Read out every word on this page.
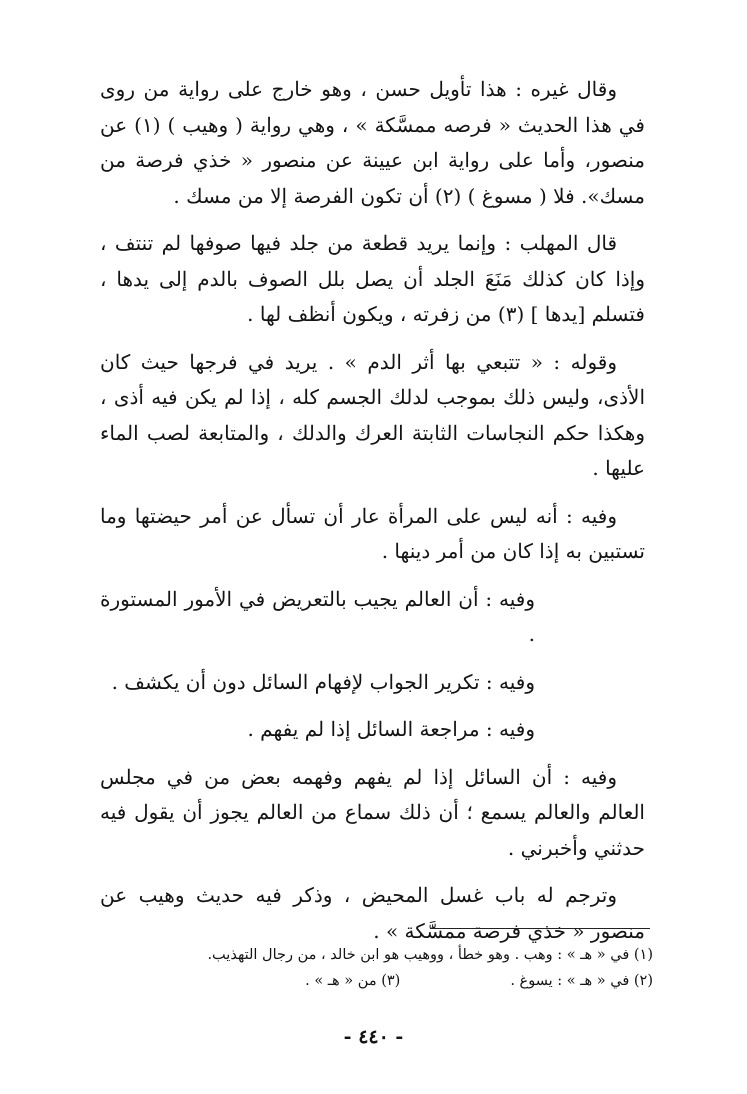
وقال غيره : هذا تأويل حسن ، وهو خارج على رواية من روى في هذا الحديث « فرصه ممسَّكة » ، وهي رواية ( وهيب ) (١) عن منصور، وأما على رواية ابن عيينة عن منصور « خذي فرصة من مسك». فلا ( مسوغ ) (٢) أن تكون الفرصة إلا من مسك .

قال المهلب : وإنما يريد قطعة من جلد فيها صوفها لم تنتف ، وإذا كان كذلك مَنَعَ الجلد أن يصل بلل الصوف بالدم إلى يدها ، فتسلم [يدها ] (٣) من زفرته ، ويكون أنظف لها .

وقوله : « تتبعي بها أثر الدم » . يريد في فرجها حيث كان الأذى، وليس ذلك بموجب لدلك الجسم كله ، إذا لم يكن فيه أذى ، وهكذا حكم النجاسات الثابتة العرك والدلك ، والمتابعة لصب الماء عليها .

وفيه : أنه ليس على المرأة عار أن تسأل عن أمر حيضتها وما تستبين به إذا كان من أمر دينها .

وفيه : أن العالم يجيب بالتعريض في الأمور المستورة .

وفيه : تكرير الجواب لإفهام السائل دون أن يكشف .

وفيه : مراجعة السائل إذا لم يفهم .

وفيه : أن السائل إذا لم يفهم وفهمه بعض من في مجلس العالم والعالم يسمع ؛ أن ذلك سماع من العالم يجوز أن يقول فيه حدثني وأخبرني .

وترجم له باب غسل المحيض ، وذكر فيه حديث وهيب عن منصور « خذي فرصة ممسَّكة » .

(١) في « هـ » : وهب . وهو خطأ ، ووهيب هو ابن خالد ، من رجال التهذيب.
(٢) في « هـ » : يسوغ .
(٣) من « هـ » .
- ٤٤٠ -
